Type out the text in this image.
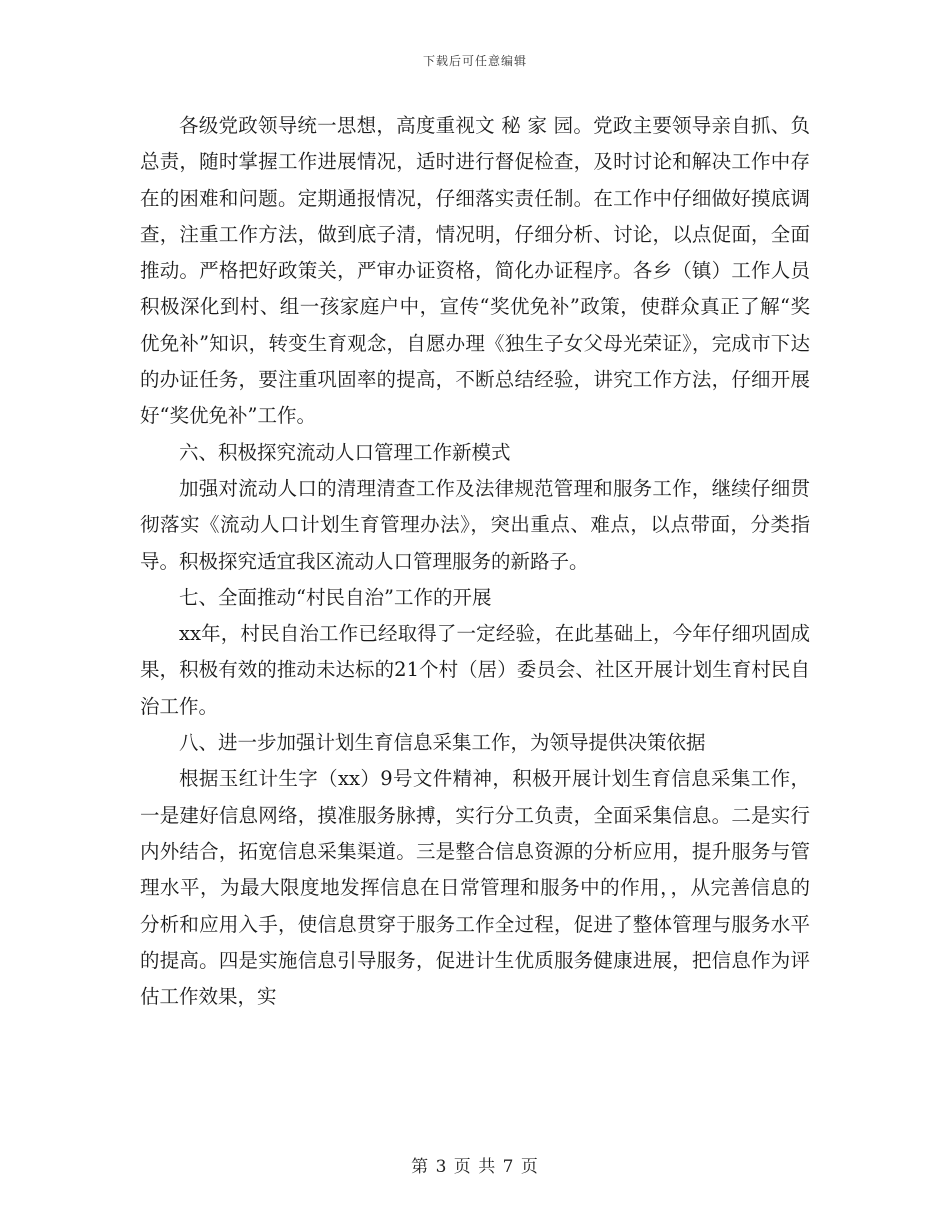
下载后可任意编辑

各级党政领导统一思想，高度重视文 秘 家 园。党政主要领导亲自抓、负总责，随时掌握工作进展情况，适时进行督促检查，及时讨论和解决工作中存在的困难和问题。定期通报情况，仔细落实责任制。在工作中仔细做好摸底调查，注重工作方法，做到底子清，情况明，仔细分析、讨论，以点促面，全面推动。严格把好政策关，严审办证资格，简化办证程序。各乡（镇）工作人员积极深化到村、组一孩家庭户中，宣传“奖优免补”政策，使群众真正了解“奖优免补”知识，转变生育观念，自愿办理《独生子女父母光荣证》，完成市下达的办证任务，要注重巩固率的提高，不断总结经验，讲究工作方法，仔细开展好“奖优免补”工作。

六、积极探究流动人口管理工作新模式

加强对流动人口的清理清查工作及法律规范管理和服务工作，继续仔细贯彻落实《流动人口计划生育管理办法》，突出重点、难点，以点带面，分类指导。积极探究适宜我区流动人口管理服务的新路子。

七、全面推动“村民自治”工作的开展

xx年，村民自治工作已经取得了一定经验，在此基础上，今年仔细巩固成果，积极有效的推动未达标的21个村（居）委员会、社区开展计划生育村民自治工作。

八、进一步加强计划生育信息采集工作，为领导提供决策依据

根据玉红计生字（xx）9号文件精神，积极开展计划生育信息采集工作，一是建好信息网络，摸准服务脉搏，实行分工负责，全面采集信息。二是实行内外结合，拓宽信息采集渠道。三是整合信息资源的分析应用，提升服务与管理水平，为最大限度地发挥信息在日常管理和服务中的作用，，从完善信息的分析和应用入手，使信息贯穿于服务工作全过程，促进了整体管理与服务水平的提高。四是实施信息引导服务，促进计生优质服务健康进展，把信息作为评估工作效果，实

第 3 页 共 7 页
